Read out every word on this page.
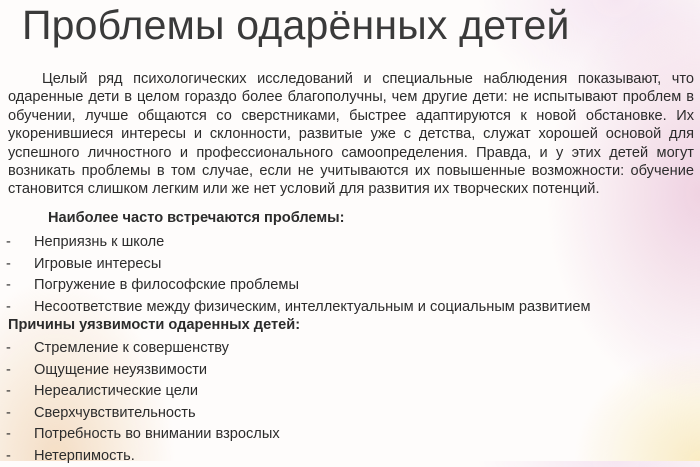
Проблемы одарённых детей

Целый ряд психологических исследований и специальные наблюдения показывают, что одаренные дети в целом гораздо более благополучны, чем другие дети: не испытывают проблем в обучении, лучше общаются со сверстниками, быстрее адаптируются к новой обстановке. Их укоренившиеся интересы и склонности, развитые уже с детства, служат хорошей основой для успешного личностного и профессионального самоопределения. Правда, и у этих детей могут возникать проблемы в том случае, если не учитываются их повышенные возможности: обучение становится слишком легким или же нет условий для развития их творческих потенций.

Наиболее часто встречаются проблемы:

-	Неприязнь к школе
-	Игровые интересы
-	Погружение в философские проблемы
-	Несоответствие между физическим, интеллектуальным и социальным развитием

Причины уязвимости одаренных детей:

-	Стремление к совершенству
-	Ощущение неуязвимости
-	Нереалистические цели
-	Сверхчувствительность
-	Потребность во внимании взрослых
-	Нетерпимость.
